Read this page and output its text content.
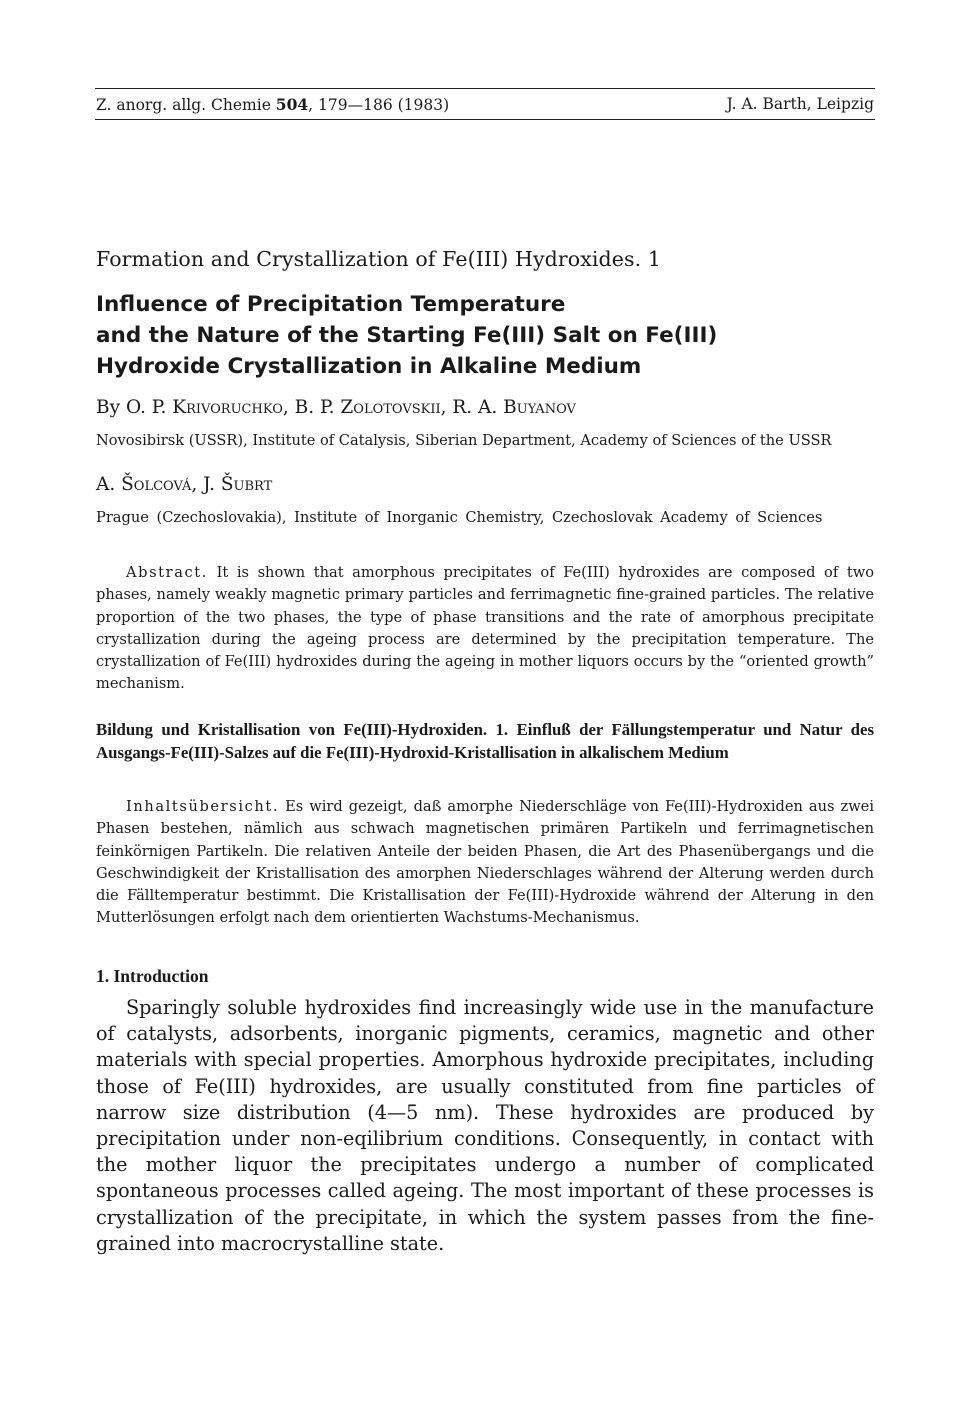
Z. anorg. allg. Chemie 504, 179—186 (1983)	J. A. Barth, Leipzig
Formation and Crystallization of Fe(III) Hydroxides. 1
Influence of Precipitation Temperature
and the Nature of the Starting Fe(III) Salt on Fe(III)
Hydroxide Crystallization in Alkaline Medium
By O. P. Krivoruchko, B. P. Zolotovskii, R. A. Buyanov
Novosibirsk (USSR), Institute of Catalysis, Siberian Department, Academy of Sciences of the USSR
A. Šolcová, J. Šubrt
Prague (Czechoslovakia), Institute of Inorganic Chemistry, Czechoslovak Academy of Sciences

Abstract. It is shown that amorphous precipitates of Fe(III) hydroxides are composed of two phases, namely weakly magnetic primary particles and ferrimagnetic fine-grained particles. The relative proportion of the two phases, the type of phase transitions and the rate of amorphous precipitate crystallization during the ageing process are determined by the precipitation temperature. The crystallization of Fe(III) hydroxides during the ageing in mother liquors occurs by the “oriented growth” mechanism.

Bildung und Kristallisation von Fe(III)-Hydroxiden. 1. Einfluß der Fällungstemperatur und Natur des Ausgangs-Fe(III)-Salzes auf die Fe(III)-Hydroxid-Kristallisation in alkalischem Medium

Inhaltsübersicht. Es wird gezeigt, daß amorphe Niederschläge von Fe(III)-Hydroxiden aus zwei Phasen bestehen, nämlich aus schwach magnetischen primären Partikeln und ferrimagnetischen feinkörnigen Partikeln. Die relativen Anteile der beiden Phasen, die Art des Phasenübergangs und die Geschwindigkeit der Kristallisation des amorphen Niederschlages während der Alterung werden durch die Fälltemperatur bestimmt. Die Kristallisation der Fe(III)-Hydroxide während der Alterung in den Mutterlösungen erfolgt nach dem orientierten Wachstums-Mechanismus.

1. Introduction

Sparingly soluble hydroxides find increasingly wide use in the manufacture of catalysts, adsorbents, inorganic pigments, ceramics, magnetic and other materials with special properties. Amorphous hydroxide precipitates, including those of Fe(III) hydroxides, are usually constituted from fine particles of narrow size distribution (4—5 nm). These hydroxides are produced by precipitation under non-eqilibrium conditions. Consequently, in contact with the mother liquor the precipitates undergo a number of complicated spontaneous processes called ageing. The most important of these processes is crystallization of the precipitate, in which the system passes from the fine-grained into macrocrystalline state.
